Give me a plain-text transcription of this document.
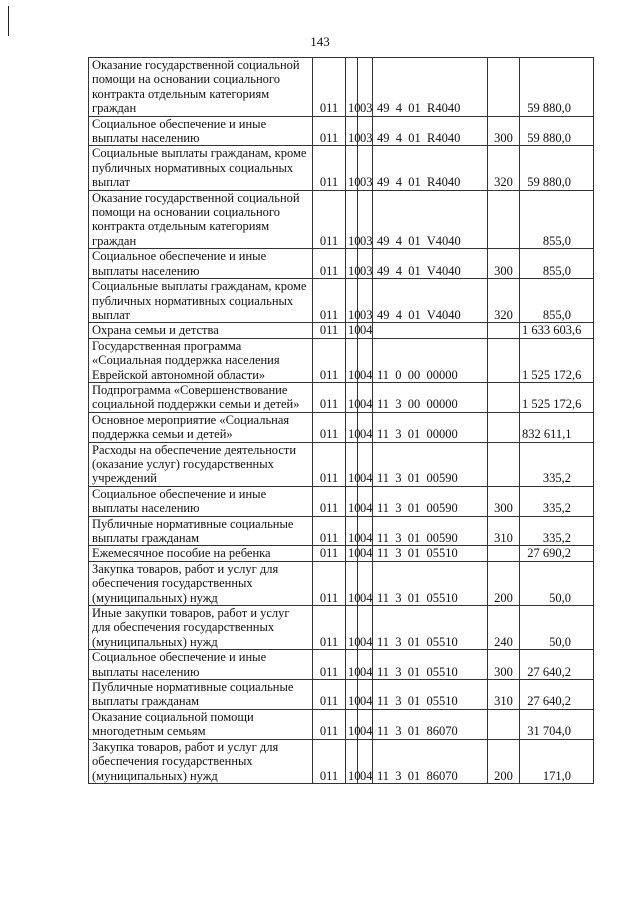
143
Оказание государственной социальной помощи на основании социального контракта отдельным категориям граждан	011	10	03	49  4  01  R4040		59 880,0
Социальное обеспечение и иные выплаты населению	011	10	03	49  4  01  R4040	300	59 880,0
Социальные выплаты гражданам, кроме публичных нормативных социальных выплат	011	10	03	49  4  01  R4040	320	59 880,0
Оказание государственной социальной помощи на основании социального контракта отдельным категориям граждан	011	10	03	49  4  01  V4040		855,0
Социальное обеспечение и иные выплаты населению	011	10	03	49  4  01  V4040	300	855,0
Социальные выплаты гражданам, кроме публичных нормативных социальных выплат	011	10	03	49  4  01  V4040	320	855,0
Охрана семьи и детства	011	10	04			1 633 603,6
Государственная программа «Социальная поддержка населения Еврейской автономной области»	011	10	04	11  0  00  00000		1 525 172,6
Подпрограмма «Совершенствование социальной поддержки семьи и детей»	011	10	04	11  3  00  00000		1 525 172,6
Основное мероприятие «Социальная поддержка семьи и детей»	011	10	04	11  3  01  00000		832 611,1
Расходы на обеспечение деятельности (оказание услуг) государственных учреждений	011	10	04	11  3  01  00590		335,2
Социальное обеспечение и иные выплаты населению	011	10	04	11  3  01  00590	300	335,2
Публичные нормативные социальные выплаты гражданам	011	10	04	11  3  01  00590	310	335,2
Ежемесячное пособие на ребенка	011	10	04	11  3  01  05510		27 690,2
Закупка товаров, работ и услуг для обеспечения государственных (муниципальных) нужд	011	10	04	11  3  01  05510	200	50,0
Иные закупки товаров, работ и услуг для обеспечения государственных (муниципальных) нужд	011	10	04	11  3  01  05510	240	50,0
Социальное обеспечение и иные выплаты населению	011	10	04	11  3  01  05510	300	27 640,2
Публичные нормативные социальные выплаты гражданам	011	10	04	11  3  01  05510	310	27 640,2
Оказание социальной помощи многодетным семьям	011	10	04	11  3  01  86070		31 704,0
Закупка товаров, работ и услуг для обеспечения государственных (муниципальных) нужд	011	10	04	11  3  01  86070	200	171,0
